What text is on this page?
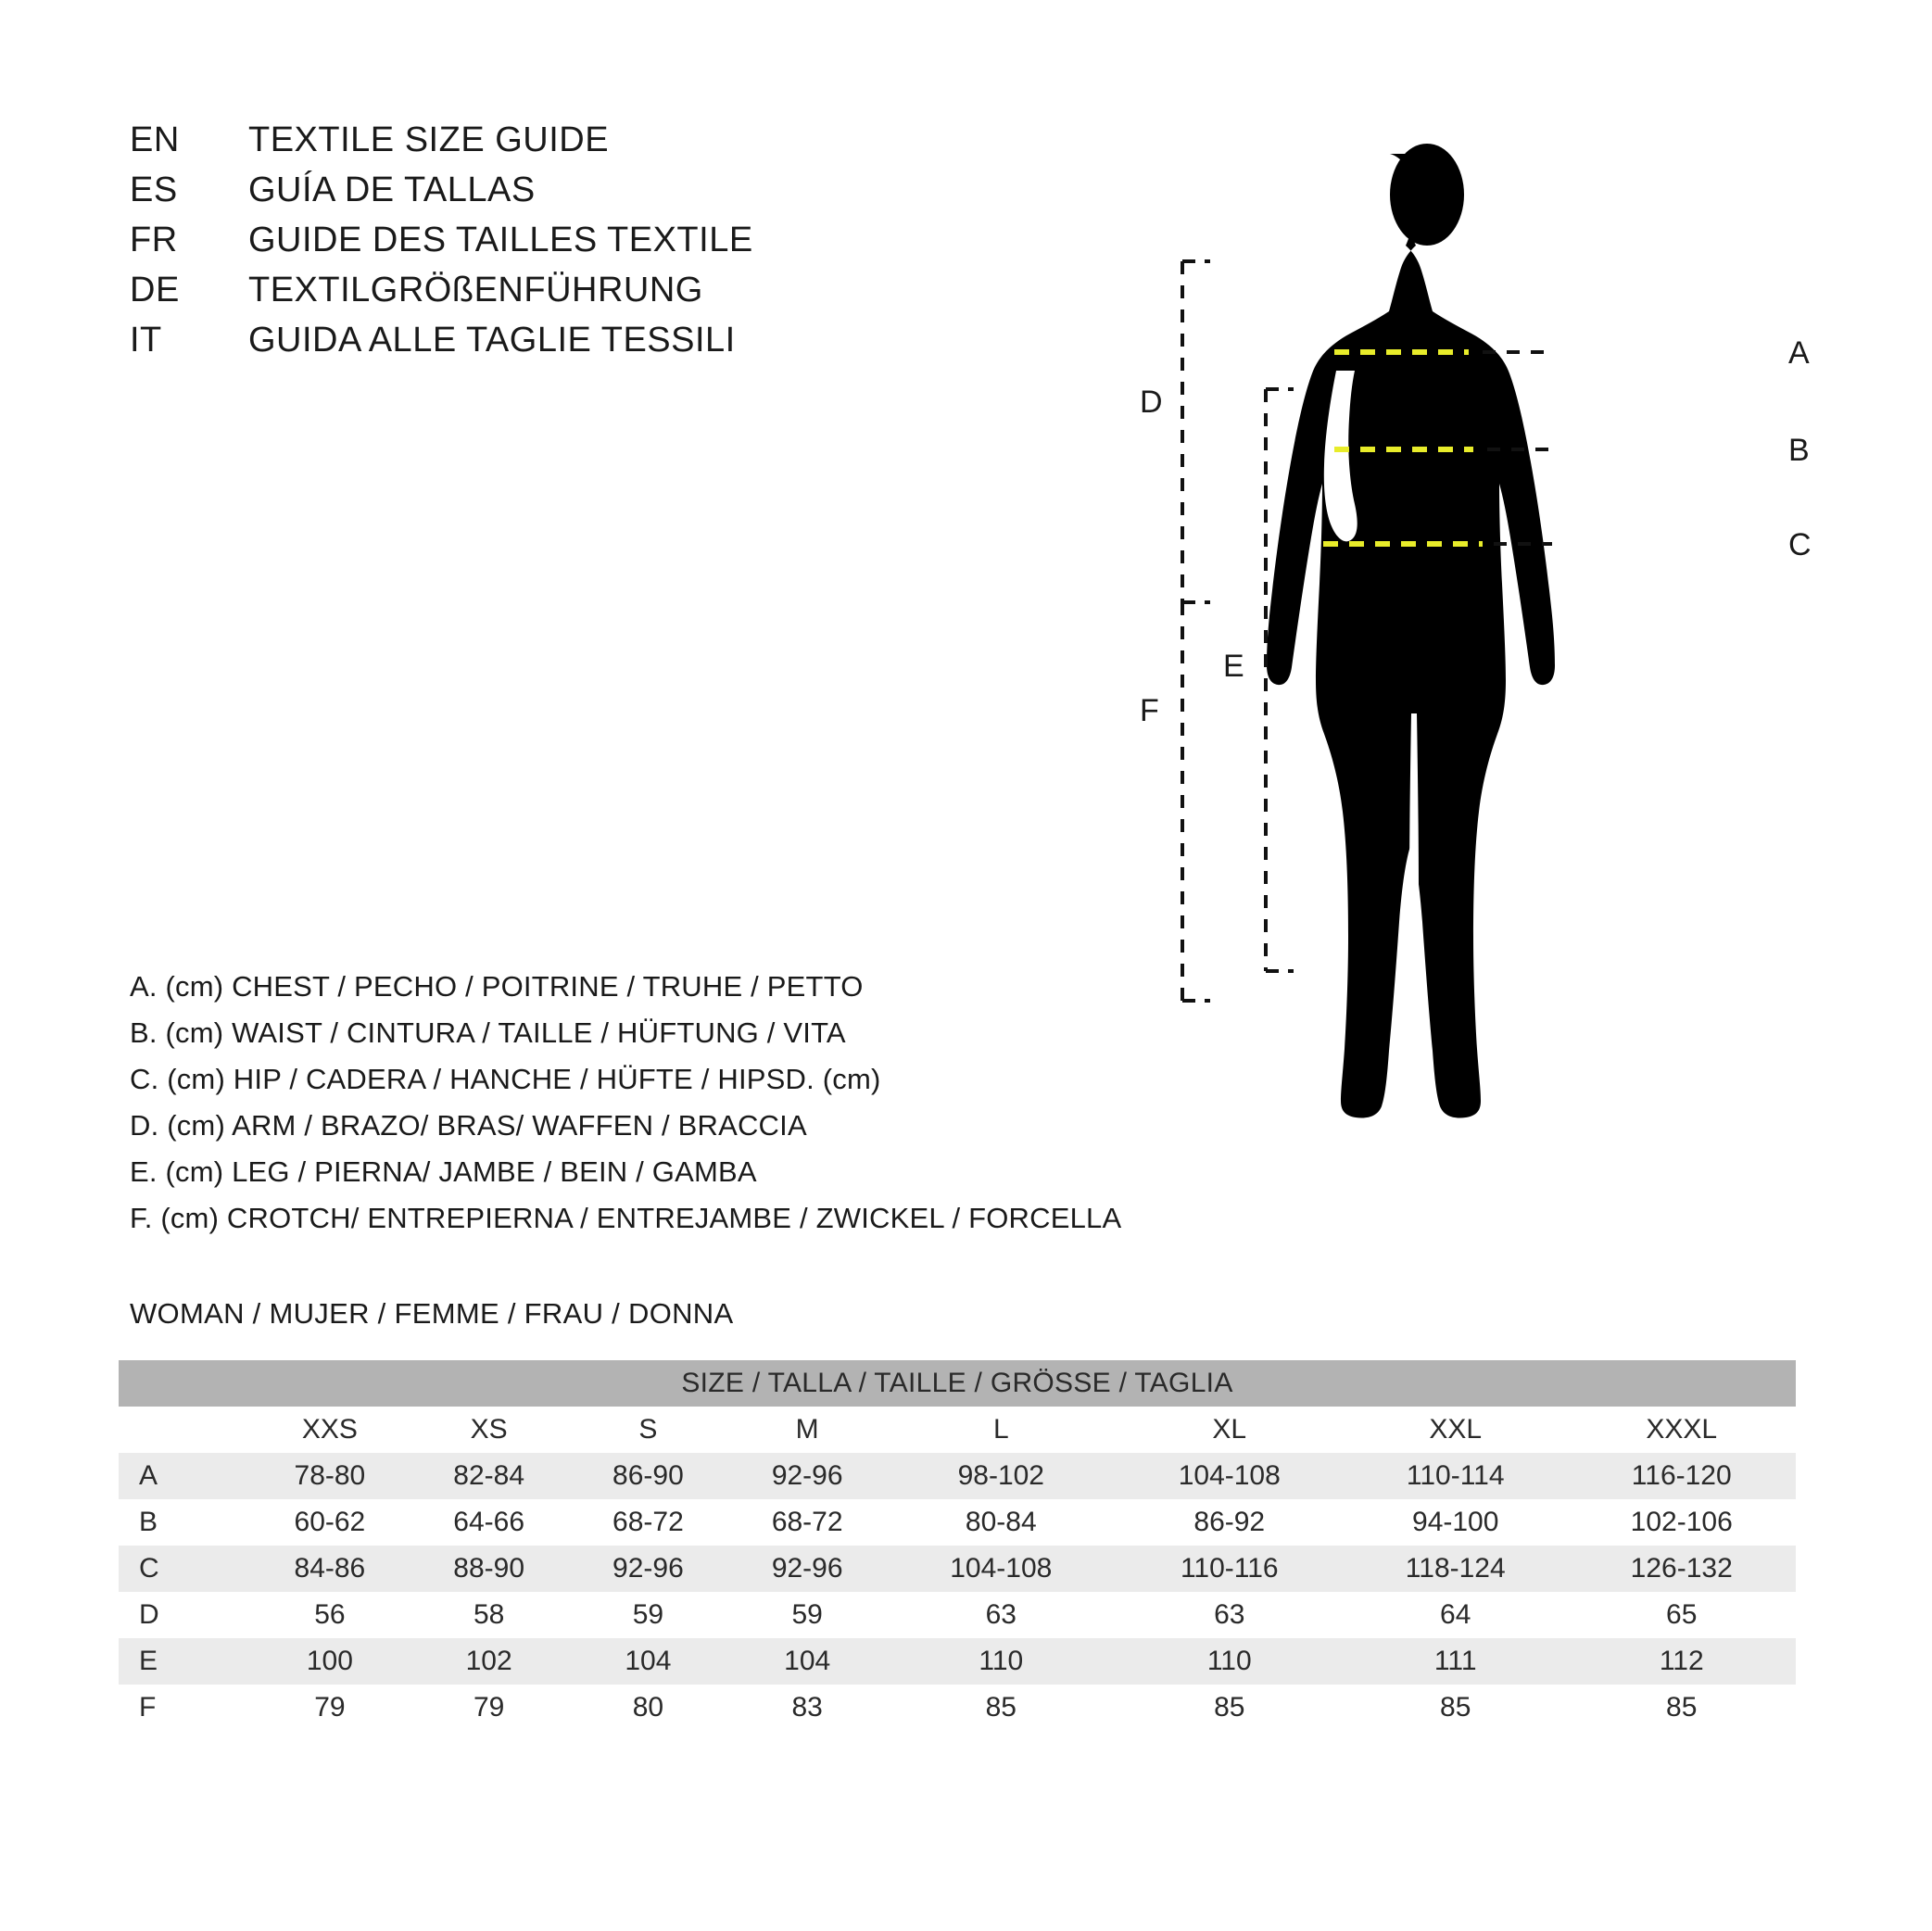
EN	TEXTILE SIZE GUIDE
ES	GUÍA DE TALLAS
FR	GUIDE DES TAILLES TEXTILE
DE	TEXTILGRÖßENFÜHRUNG
IT	GUIDA ALLE TAGLIE TESSILI	A
B
C
D
E
F
A. (cm) CHEST / PECHO / POITRINE / TRUHE / PETTO
B. (cm) WAIST / CINTURA / TAILLE / HÜFTUNG / VITA
C. (cm) HIP / CADERA / HANCHE / HÜFTE / HIPSD. (cm)
D. (cm) ARM / BRAZO/ BRAS/ WAFFEN / BRACCIA
E. (cm) LEG / PIERNA/ JAMBE / BEIN / GAMBA
F. (cm) CROTCH/ ENTREPIERNA / ENTREJAMBE / ZWICKEL / FORCELLA
WOMAN / MUJER / FEMME / FRAU / DONNA
SIZE / TALLA / TAILLE / GRÖSSE / TAGLIA								
	XXS	XS	S	M	L	XL	XXL	XXXL
A	78-80	82-84	86-90	92-96	98-102	104-108	110-114	116-120
B	60-62	64-66	68-72	68-72	80-84	86-92	94-100	102-106
C	84-86	88-90	92-96	92-96	104-108	110-116	118-124	126-132
D	56	58	59	59	63	63	64	65
E	100	102	104	104	110	110	111	112
F	79	79	80	83	85	85	85	85
